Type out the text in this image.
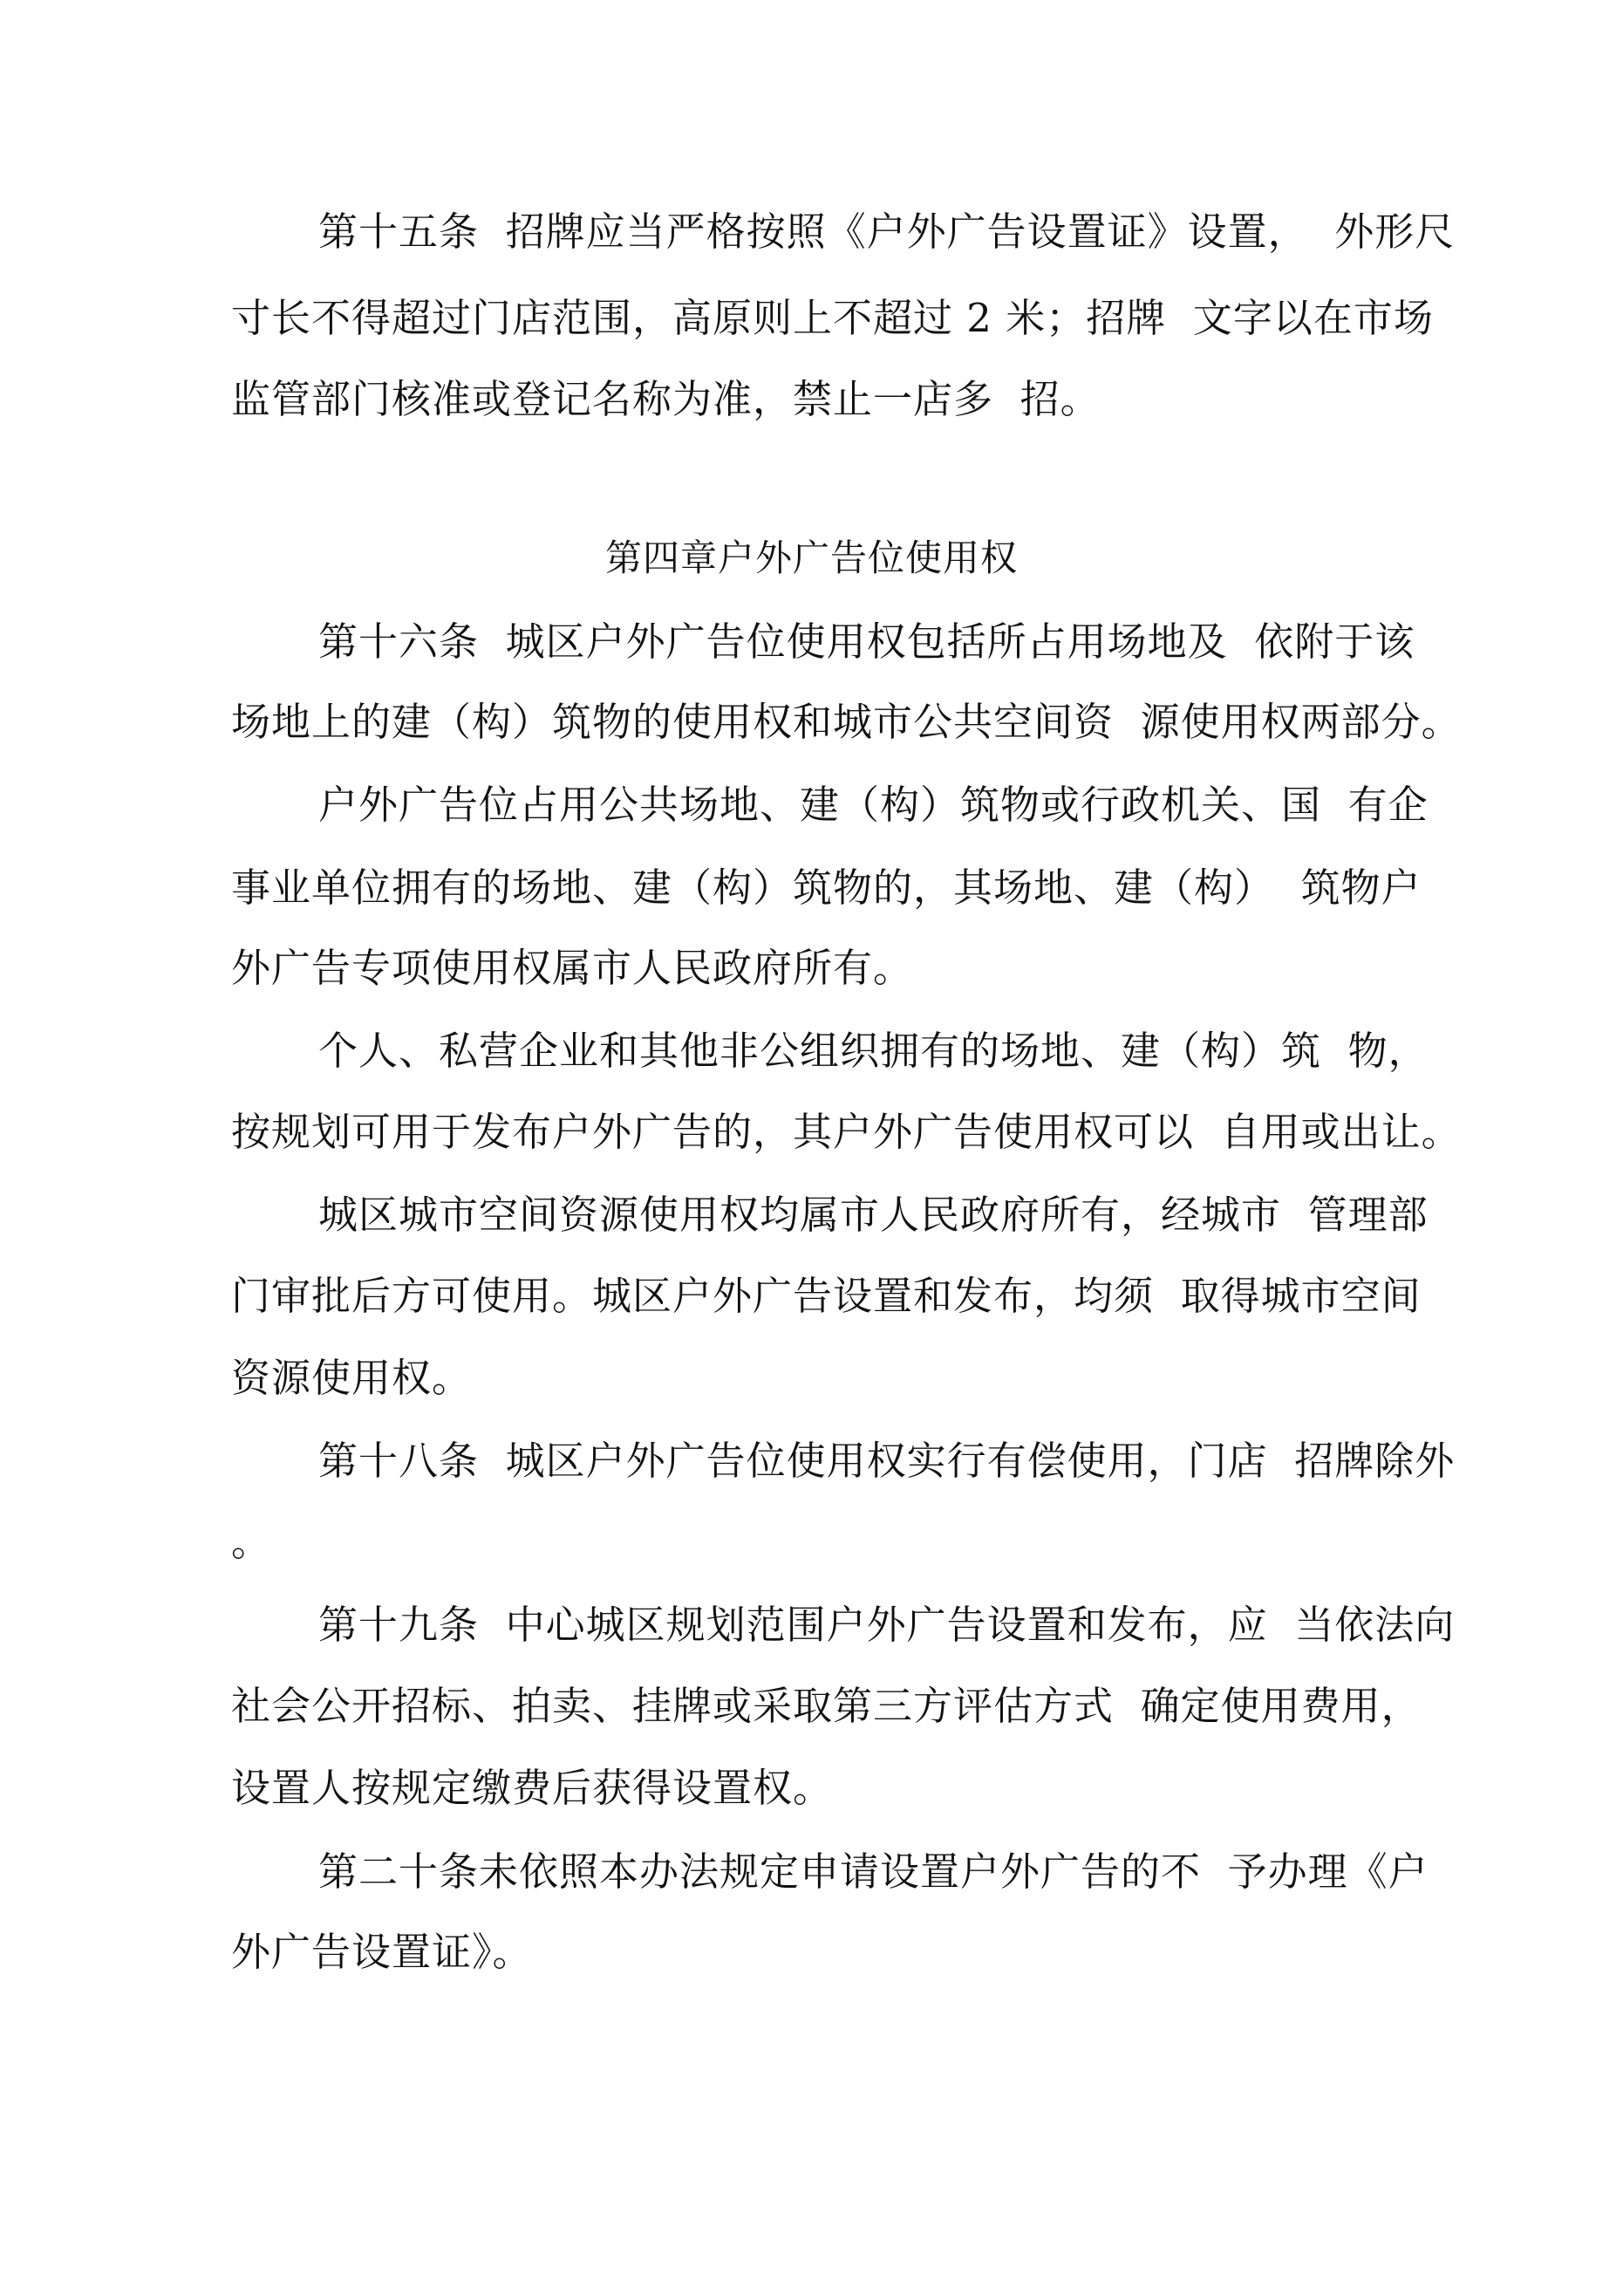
第十五条  招牌应当严格按照《户外广告设置证》设置，  外形尺
寸长不得超过门店范围，高原则上不超过 2 米；招牌  文字以在市场
监管部门核准或登记名称为准，禁止一店多  招。
第四章户外广告位使用权
第十六条  城区户外广告位使用权包括所占用场地及  依附于该
场地上的建（构）筑物的使用权和城市公共空间资  源使用权两部分。
户外广告位占用公共场地、建（构）筑物或行政机关、国  有企
事业单位拥有的场地、建（构）筑物的，其场地、建（构）  筑物户
外广告专项使用权属市人民政府所有。
个人、私营企业和其他非公组织拥有的场地、建（构）筑  物，
按规划可用于发布户外广告的，其户外广告使用权可以  自用或出让。
城区城市空间资源使用权均属市人民政府所有，经城市  管理部
门审批后方可使用。城区户外广告设置和发布，均须  取得城市空间
资源使用权。
第十八条  城区户外广告位使用权实行有偿使用，门店  招牌除外
。
第十九条  中心城区规划范围户外广告设置和发布，应  当依法向
社会公开招标、拍卖、挂牌或采取第三方评估方式  确定使用费用，
设置人按规定缴费后获得设置权。
第二十条未依照本办法规定申请设置户外广告的不  予办理《户
外广告设置证》。
